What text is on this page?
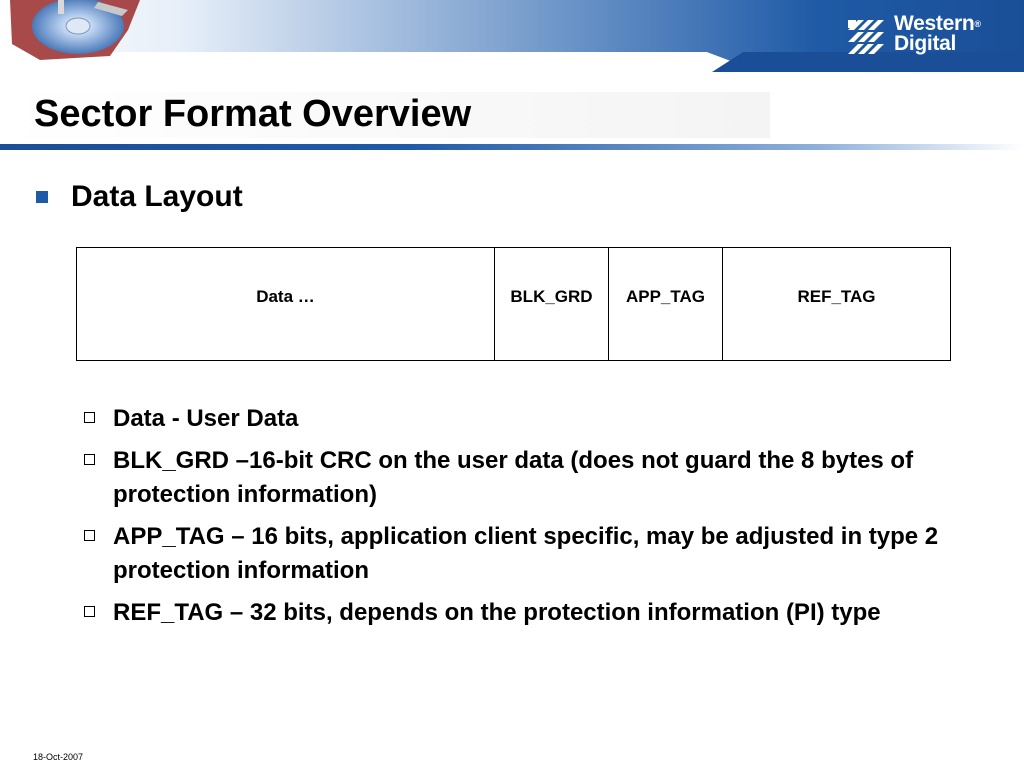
Western®
Digital
Sector Format Overview
Data Layout
Data …	BLK_GRD	APP_TAG	REF_TAG
Data - User Data
BLK_GRD –16-bit CRC on the user data (does not guard the 8 bytes of protection information)
APP_TAG – 16 bits, application client specific, may be adjusted in type 2 protection information
REF_TAG – 32 bits, depends on the protection information (PI) type
18-Oct-2007
